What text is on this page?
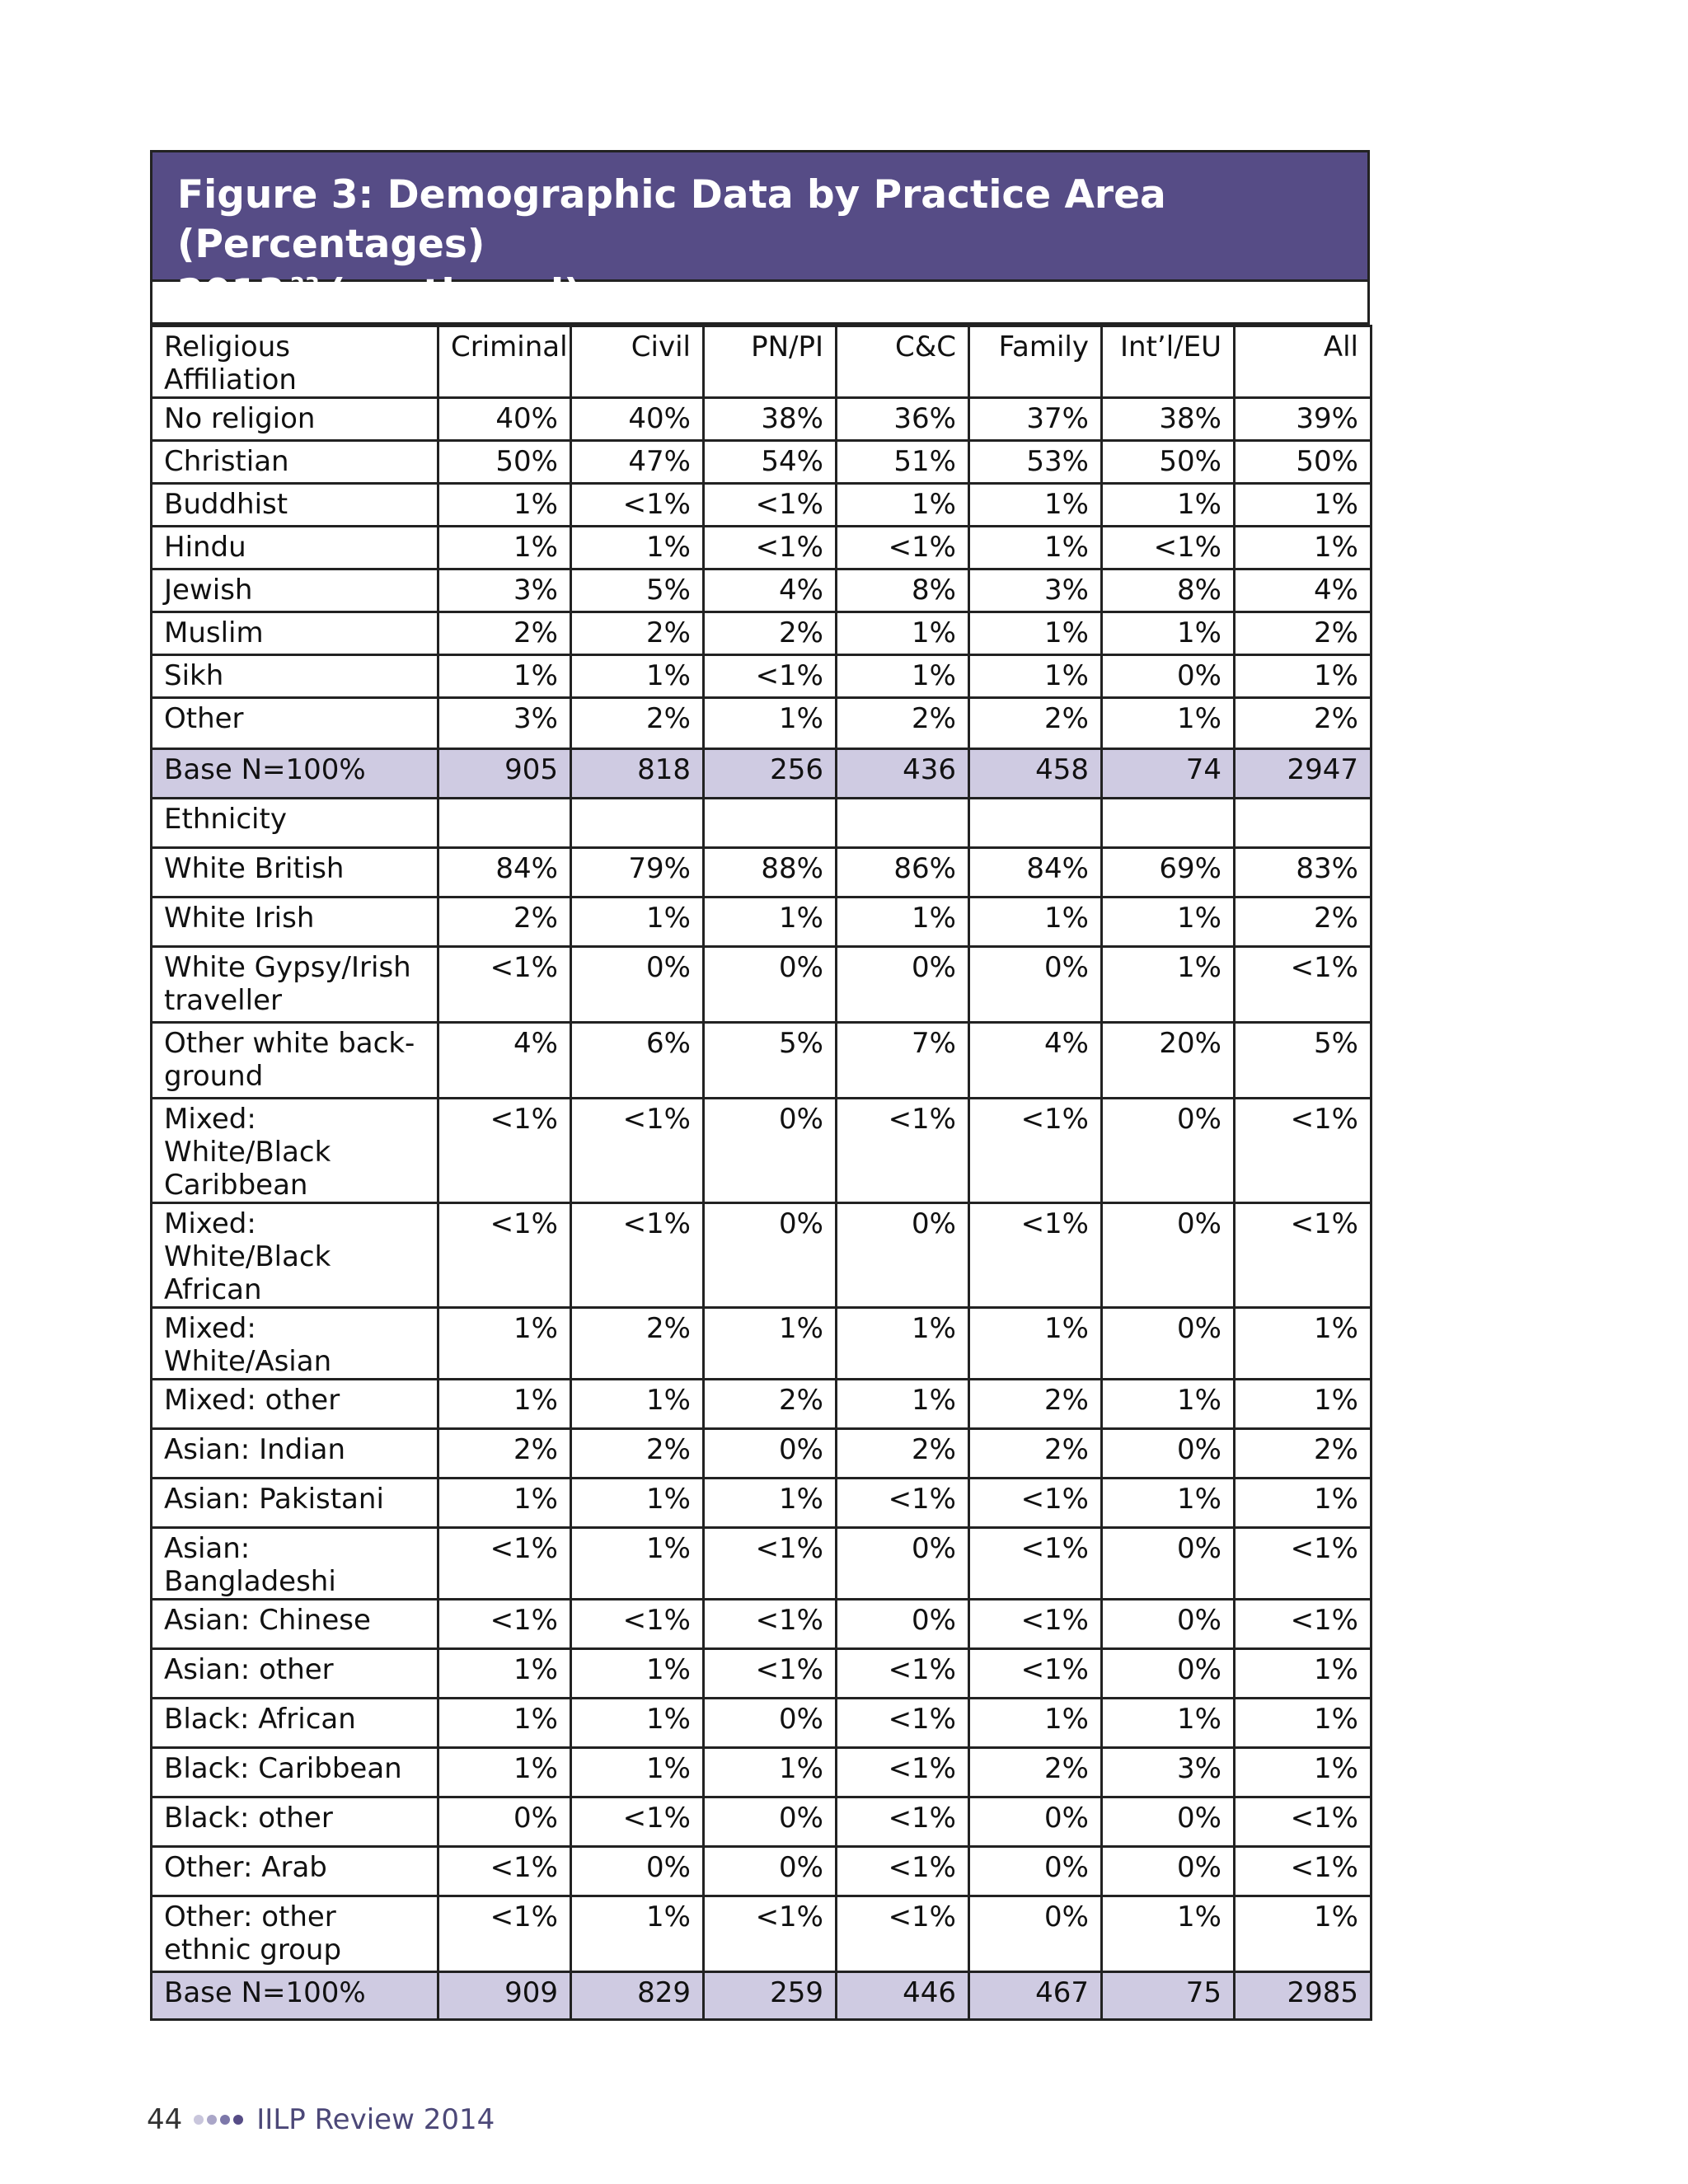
Figure 3: Demographic Data by Practice Area (Percentages)
2013 $^{23}$ (continued)
Religious Affiliation	Criminal	Civil	PN/PI	C&C	Family	Int’l/EU	All
No religion	40%	40%	38%	36%	37%	38%	39%
Christian	50%	47%	54%	51%	53%	50%	50%
Buddhist	1%	<1%	<1%	1%	1%	1%	1%
Hindu	1%	1%	<1%	<1%	1%	<1%	1%
Jewish	3%	5%	4%	8%	3%	8%	4%
Muslim	2%	2%	2%	1%	1%	1%	2%
Sikh	1%	1%	<1%	1%	1%	0%	1%
Other	3%	2%	1%	2%	2%	1%	2%
Base N=100%	905	818	256	436	458	74	2947
Ethnicity							
White British	84%	79%	88%	86%	84%	69%	83%
White Irish	2%	1%	1%	1%	1%	1%	2%
White Gypsy/Irish traveller	<1%	0%	0%	0%	0%	1%	<1%
Other white back-ground	4%	6%	5%	7%	4%	20%	5%
Mixed: White/Black Caribbean	<1%	<1%	0%	<1%	<1%	0%	<1%
Mixed: White/Black African	<1%	<1%	0%	0%	<1%	0%	<1%
Mixed: White/Asian	1%	2%	1%	1%	1%	0%	1%
Mixed: other	1%	1%	2%	1%	2%	1%	1%
Asian: Indian	2%	2%	0%	2%	2%	0%	2%
Asian: Pakistani	1%	1%	1%	<1%	<1%	1%	1%
Asian: Bangladeshi	<1%	1%	<1%	0%	<1%	0%	<1%
Asian: Chinese	<1%	<1%	<1%	0%	<1%	0%	<1%
Asian: other	1%	1%	<1%	<1%	<1%	0%	1%
Black: African	1%	1%	0%	<1%	1%	1%	1%
Black: Caribbean	1%	1%	1%	<1%	2%	3%	1%
Black: other	0%	<1%	0%	<1%	0%	0%	<1%
Other: Arab	<1%	0%	0%	<1%	0%	0%	<1%
Other: other ethnic group	<1%	1%	<1%	<1%	0%	1%	1%
Base N=100%	909	829	259	446	467	75	2985
44	IILP Review 2014
